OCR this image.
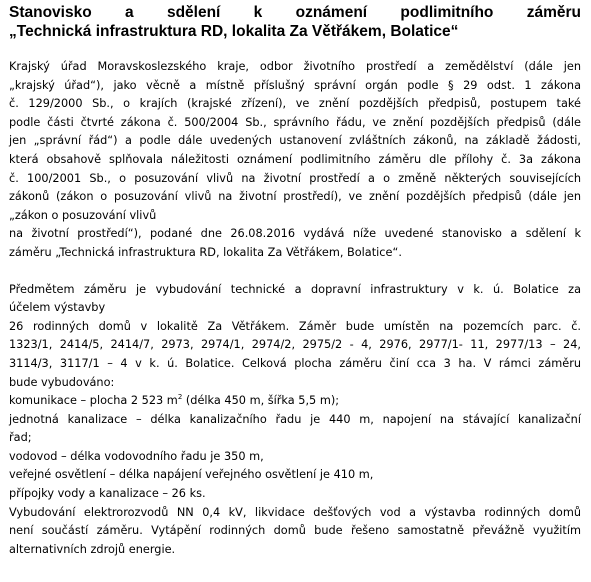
Stanovisko a sdělení k oznámení podlimitního záměru
„Technická infrastruktura RD, lokalita Za Větřákem, Bolatice“
Krajský úřad Moravskoslezského kraje, odbor životního prostředí a zemědělství (dále jen
„krajský úřad“), jako věcně a místně příslušný správní orgán podle § 29 odst. 1 zákona
č. 129/2000 Sb., o krajích (krajské zřízení), ve znění pozdějších předpisů, postupem také
podle části čtvrté zákona č. 500/2004 Sb., správního řádu, ve znění pozdějších předpisů (dále
jen „správní řád“) a podle dále uvedených ustanovení zvláštních zákonů, na základě žádosti,
která obsahově splňovala náležitosti oznámení podlimitního záměru dle přílohy č. 3a zákona
č. 100/2001 Sb., o posuzování vlivů na životní prostředí a o změně některých souvisejících
zákonů (zákon o posuzování vlivů na životní prostředí), ve znění pozdějších předpisů (dále jen
„zákon o posuzování vlivů
na životní prostředí“), podané dne 26.08.2016 vydává níže uvedené stanovisko a sdělení k
záměru „Technická infrastruktura RD, lokalita Za Větřákem, Bolatice“.
Předmětem záměru je vybudování technické a dopravní infrastruktury v k. ú. Bolatice za
účelem výstavby
26 rodinných domů v lokalitě Za Větřákem. Záměr bude umístěn na pozemcích parc. č.
1323/1, 2414/5, 2414/7, 2973, 2974/1, 2974/2, 2975/2 - 4, 2976, 2977/1- 11, 2977/13 – 24,
3114/3, 3117/1 – 4 v k. ú. Bolatice. Celková plocha záměru činí cca 3 ha. V rámci záměru
bude vybudováno:
komunikace – plocha 2 523 $m^2$ (délka 450 m, šířka 5,5 m);
jednotná kanalizace – délka kanalizačního řadu je 440 m, napojení na stávající kanalizační
řad;
vodovod – délka vodovodního řadu je 350 m,
veřejné osvětlení – délka napájení veřejného osvětlení je 410 m,
přípojky vody a kanalizace – 26 ks.
Vybudování elektrorozvodů NN 0,4 kV, likvidace dešťových vod a výstavba rodinných domů
není součástí záměru. Vytápění rodinných domů bude řešeno samostatně převážně využitím
alternativních zdrojů energie.
